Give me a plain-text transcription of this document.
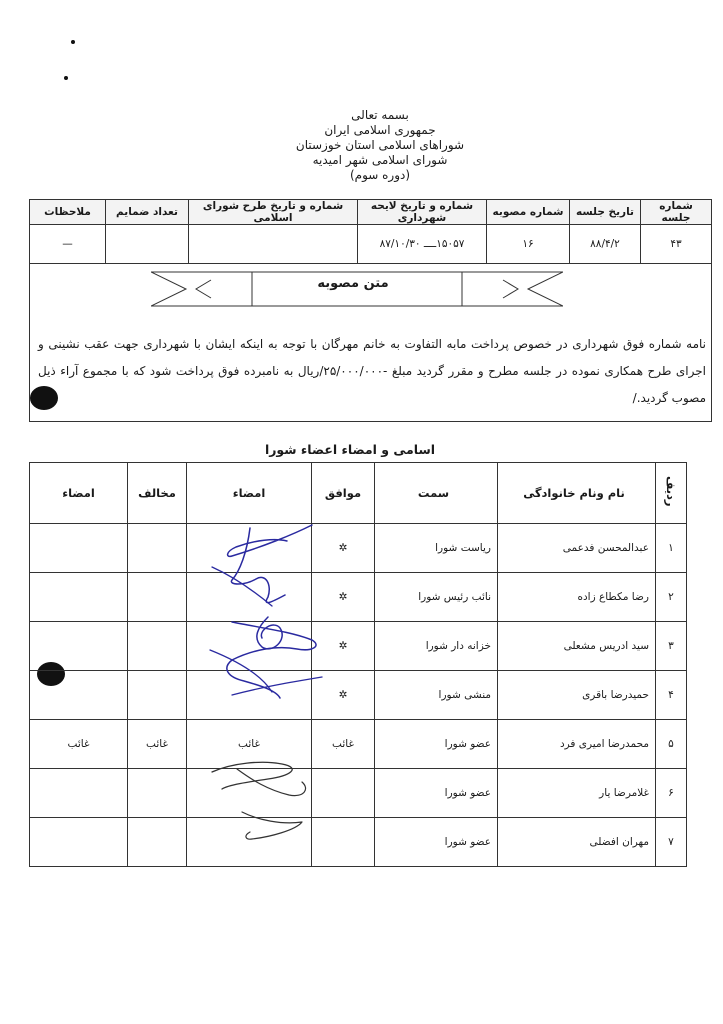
بسمه تعالی
جمهوری اسلامی ایران
شوراهای اسلامی استان خوزستان
شورای اسلامی شهر امیدیه
(دوره سوم)
شماره جلسه	تاریخ جلسه	شماره مصوبه	شماره و تاریخ لایحه شهرداری	شماره و تاریخ طرح شورای اسلامی	تعداد ضمایم	ملاحظات
۴۳	۸۸/۴/۲	۱۶	۱۵۰۵۷ــــ ۸۷/۱۰/۳۰			—
متن مصوبه
نامه شماره فوق شهرداری در خصوص پرداخت مابه التفاوت به خانم مهرگان با توجه به اینکه ایشان با شهرداری جهت عقب نشینی و اجرای طرح همکاری نموده در جلسه مطرح و مقرر گردید مبلغ -۲۵/۰۰۰/۰۰۰/ریال به نامبرده فوق پرداخت شود که با مجموع آراء ذیل مصوب گردید./
اسامی و امضاء اعضاء شورا
ردیف	نام ونام خانوادگی	سمت	موافق	امضاء	مخالف	امضاء
۱	عبدالمحسن فدعمی	ریاست شورا	✲			
۲	رضا مکطاع زاده	نائب رئیس شورا	✲			
۳	سید ادریس مشعلی	خزانه دار شورا	✲			
۴	حمیدرضا باقری	منشی شورا	✲			
۵	محمدرضا امیری فرد	عضو شورا	غائب	غائب	غائب	غائب
۶	غلامرضا یار	عضو شورا				
۷	مهران افضلی	عضو شورا				
